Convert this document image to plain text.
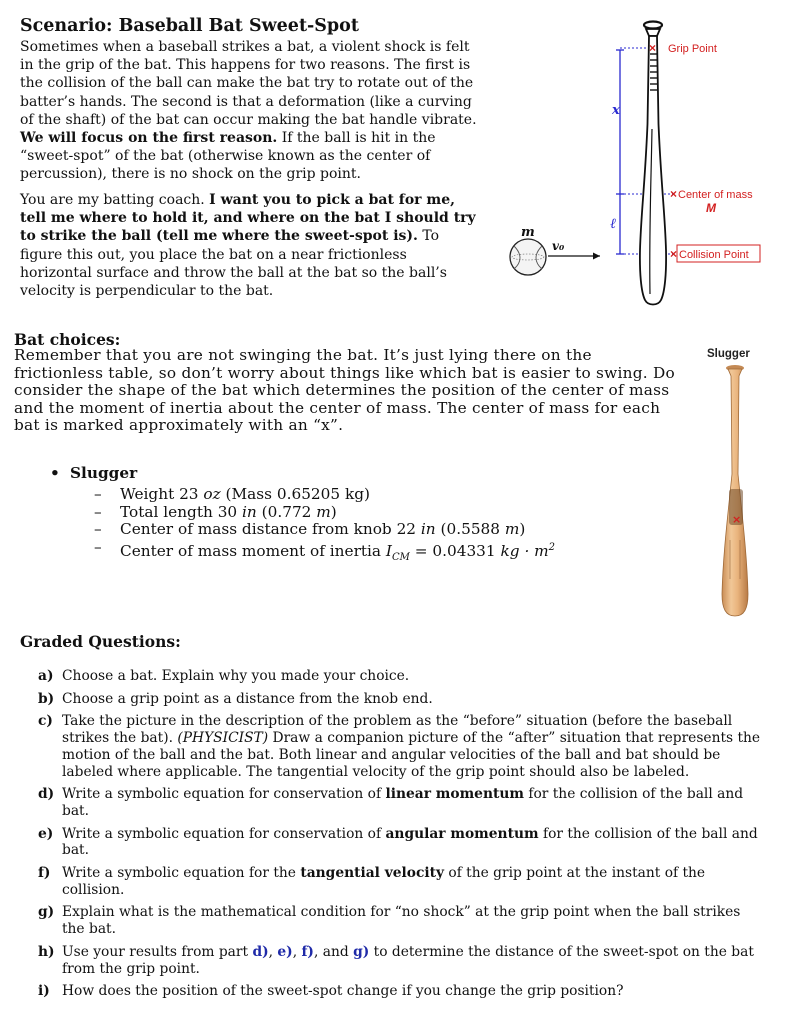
Scenario: Baseball Bat Sweet-Spot
Sometimes when a baseball strikes a bat, a violent shock is felt in the grip of the bat. This happens for two reasons. The first is the collision of the ball can make the bat try to rotate out of the batter’s hands. The second is that a deformation (like a curving of the shaft) of the bat can occur making the bat handle vibrate. We will focus on the first reason. If the ball is hit in the “sweet-spot” of the bat (otherwise known as the center of percussion), there is no shock on the grip point.
You are my batting coach. I want you to pick a bat for me, tell me where to hold it, and where on the bat I should try to strike the ball (tell me where the sweet-spot is). To figure this out, you place the bat on a near frictionless horizontal surface and throw the ball at the bat so the ball’s velocity is perpendicular to the bat.
×
×
×
Grip Point
Center of mass
M
Collision Point
x
ℓ
m
v₀
Bat choices:
Remember that you are not swinging the bat. It’s just lying there on the frictionless table, so don’t worry about things like which bat is easier to swing. Do consider the shape of the bat which determines the position of the center of mass and the moment of inertia about the center of mass. The center of mass for each bat is marked approximately with an “x”.
• Slugger
–	Weight 23 oz (Mass 0.65205 kg)
–	Total length 30 in (0.772 m)
–	Center of mass distance from knob 22 in (0.5588 m)
–	Center of mass moment of inertia $I_{CM} = 0.04331$ kg · $m^2$
Slugger
×
Graded Questions:
a) Choose a bat. Explain why you made your choice.
b) Choose a grip point as a distance from the knob end.
c) Take the picture in the description of the problem as the “before” situation (before the baseball strikes the bat). (PHYSICIST) Draw a companion picture of the “after” situation that represents the motion of the ball and the bat. Both linear and angular velocities of the ball and bat should be labeled where applicable. The tangential velocity of the grip point should also be labeled.
d) Write a symbolic equation for conservation of linear momentum for the collision of the ball and bat.
e) Write a symbolic equation for conservation of angular momentum for the collision of the ball and bat.
f) Write a symbolic equation for the tangential velocity of the grip point at the instant of the collision.
g) Explain what is the mathematical condition for “no shock” at the grip point when the ball strikes the bat.
h) Use your results from part d), e), f), and g) to determine the distance of the sweet-spot on the bat from the grip point.
i) How does the position of the sweet-spot change if you change the grip position?
